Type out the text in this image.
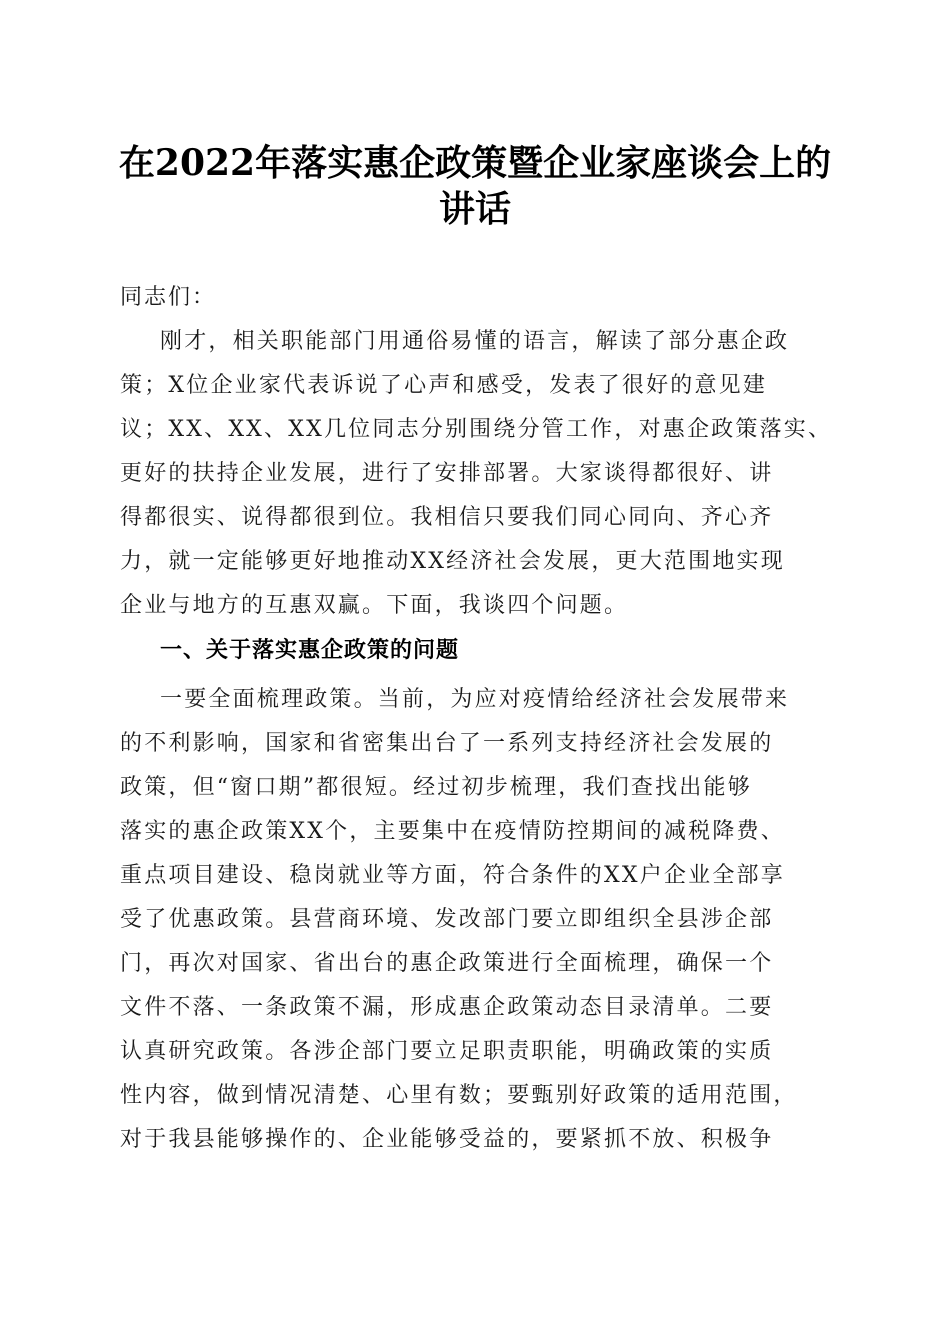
在2022年落实惠企政策暨企业家座谈会上的
讲话
同志们：
刚才，相关职能部门用通俗易懂的语言，解读了部分惠企政
策；X位企业家代表诉说了心声和感受，发表了很好的意见建
议；XX、XX、XX几位同志分别围绕分管工作，对惠企政策落实、
更好的扶持企业发展，进行了安排部署。大家谈得都很好、讲
得都很实、说得都很到位。我相信只要我们同心同向、齐心齐
力，就一定能够更好地推动XX经济社会发展，更大范围地实现
企业与地方的互惠双赢。下面，我谈四个问题。
一、关于落实惠企政策的问题
一要全面梳理政策。当前，为应对疫情给经济社会发展带来
的不利影响，国家和省密集出台了一系列支持经济社会发展的
政策，但“窗口期”都很短。经过初步梳理，我们查找出能够
落实的惠企政策XX个，主要集中在疫情防控期间的减税降费、
重点项目建设、稳岗就业等方面，符合条件的XX户企业全部享
受了优惠政策。县营商环境、发改部门要立即组织全县涉企部
门，再次对国家、省出台的惠企政策进行全面梳理，确保一个
文件不落、一条政策不漏，形成惠企政策动态目录清单。二要
认真研究政策。各涉企部门要立足职责职能，明确政策的实质
性内容，做到情况清楚、心里有数；要甄别好政策的适用范围，
对于我县能够操作的、企业能够受益的，要紧抓不放、积极争
